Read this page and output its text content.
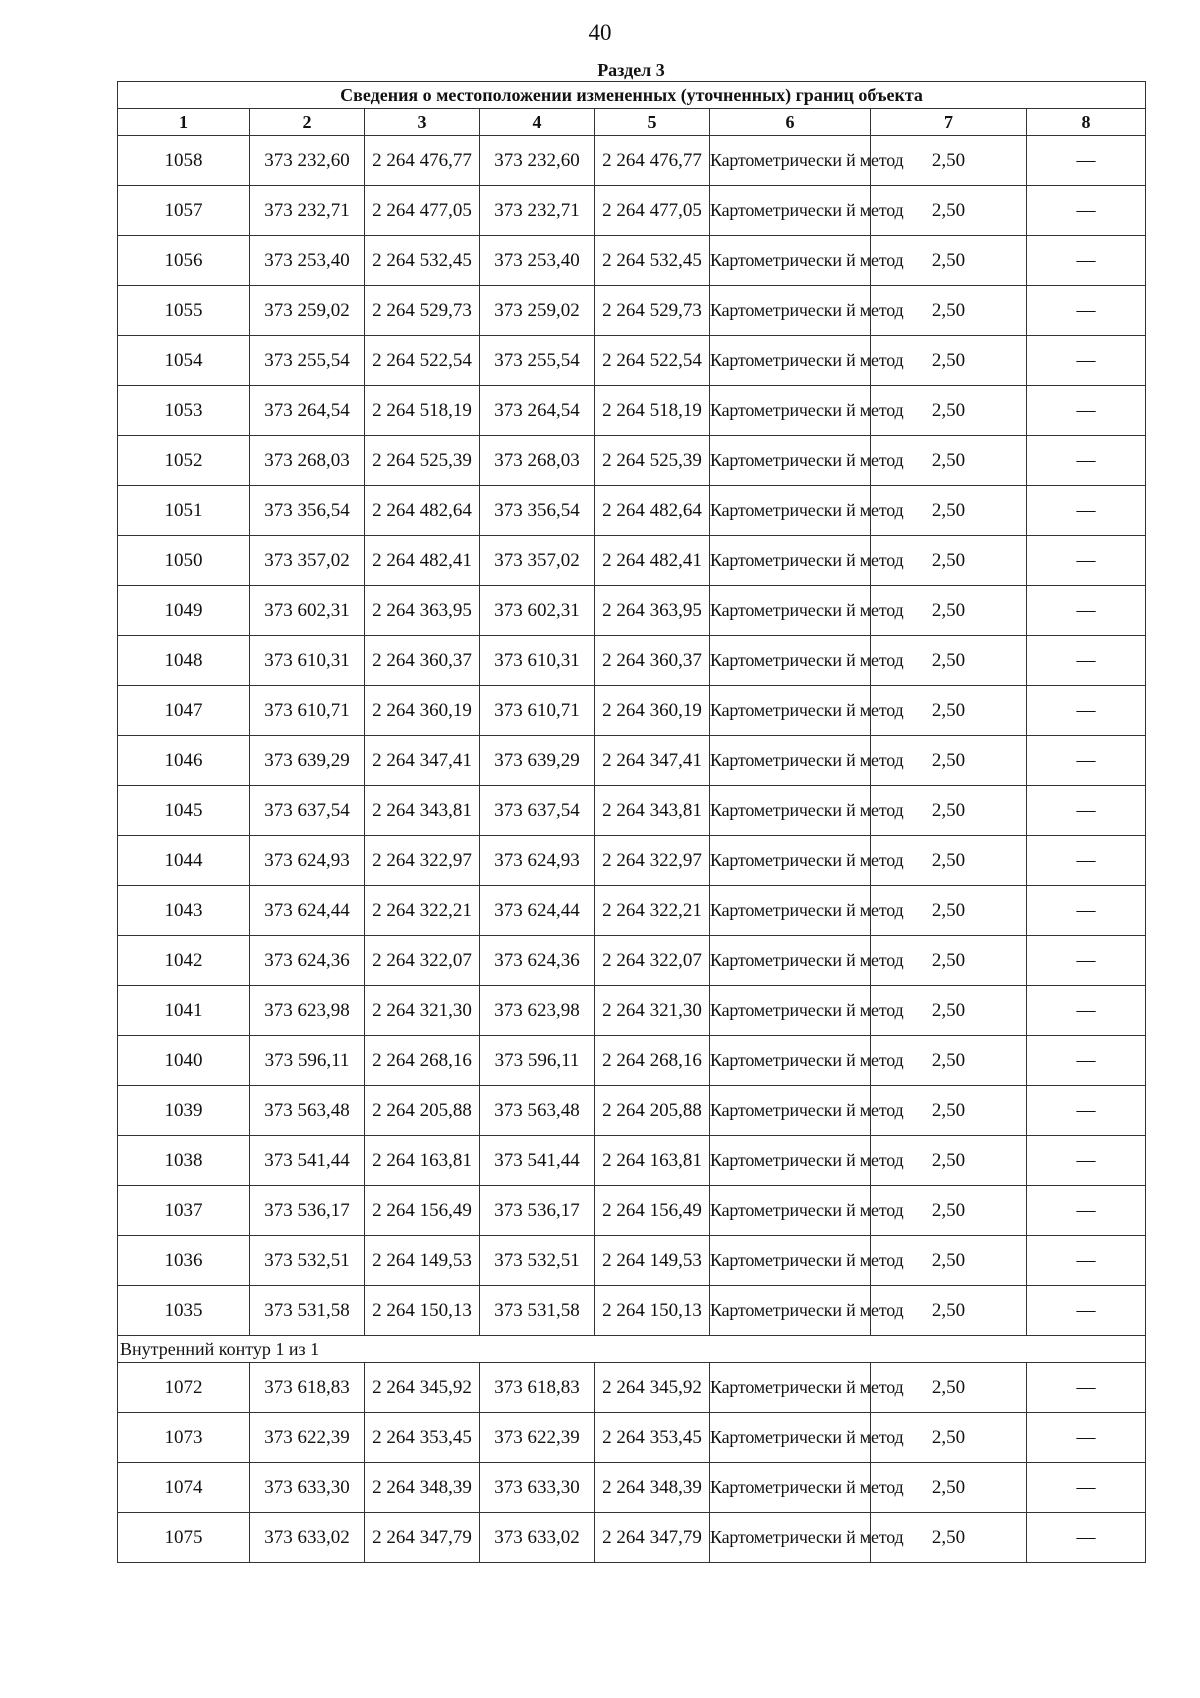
40
Раздел 3
Сведения о местоположении измененных (уточненных) границ объекта							
1	2	3	4	5	6	7	8
1058	373 232,60	2 264 476,77	373 232,60	2 264 476,77	Картометрически й метод	2,50	—
1057	373 232,71	2 264 477,05	373 232,71	2 264 477,05	Картометрически й метод	2,50	—
1056	373 253,40	2 264 532,45	373 253,40	2 264 532,45	Картометрически й метод	2,50	—
1055	373 259,02	2 264 529,73	373 259,02	2 264 529,73	Картометрически й метод	2,50	—
1054	373 255,54	2 264 522,54	373 255,54	2 264 522,54	Картометрически й метод	2,50	—
1053	373 264,54	2 264 518,19	373 264,54	2 264 518,19	Картометрически й метод	2,50	—
1052	373 268,03	2 264 525,39	373 268,03	2 264 525,39	Картометрически й метод	2,50	—
1051	373 356,54	2 264 482,64	373 356,54	2 264 482,64	Картометрически й метод	2,50	—
1050	373 357,02	2 264 482,41	373 357,02	2 264 482,41	Картометрически й метод	2,50	—
1049	373 602,31	2 264 363,95	373 602,31	2 264 363,95	Картометрически й метод	2,50	—
1048	373 610,31	2 264 360,37	373 610,31	2 264 360,37	Картометрически й метод	2,50	—
1047	373 610,71	2 264 360,19	373 610,71	2 264 360,19	Картометрически й метод	2,50	—
1046	373 639,29	2 264 347,41	373 639,29	2 264 347,41	Картометрически й метод	2,50	—
1045	373 637,54	2 264 343,81	373 637,54	2 264 343,81	Картометрически й метод	2,50	—
1044	373 624,93	2 264 322,97	373 624,93	2 264 322,97	Картометрически й метод	2,50	—
1043	373 624,44	2 264 322,21	373 624,44	2 264 322,21	Картометрически й метод	2,50	—
1042	373 624,36	2 264 322,07	373 624,36	2 264 322,07	Картометрически й метод	2,50	—
1041	373 623,98	2 264 321,30	373 623,98	2 264 321,30	Картометрически й метод	2,50	—
1040	373 596,11	2 264 268,16	373 596,11	2 264 268,16	Картометрически й метод	2,50	—
1039	373 563,48	2 264 205,88	373 563,48	2 264 205,88	Картометрически й метод	2,50	—
1038	373 541,44	2 264 163,81	373 541,44	2 264 163,81	Картометрически й метод	2,50	—
1037	373 536,17	2 264 156,49	373 536,17	2 264 156,49	Картометрически й метод	2,50	—
1036	373 532,51	2 264 149,53	373 532,51	2 264 149,53	Картометрически й метод	2,50	—
1035	373 531,58	2 264 150,13	373 531,58	2 264 150,13	Картометрически й метод	2,50	—
Внутренний контур 1 из 1							
1072	373 618,83	2 264 345,92	373 618,83	2 264 345,92	Картометрически й метод	2,50	—
1073	373 622,39	2 264 353,45	373 622,39	2 264 353,45	Картометрически й метод	2,50	—
1074	373 633,30	2 264 348,39	373 633,30	2 264 348,39	Картометрически й метод	2,50	—
1075	373 633,02	2 264 347,79	373 633,02	2 264 347,79	Картометрически й метод	2,50	—
